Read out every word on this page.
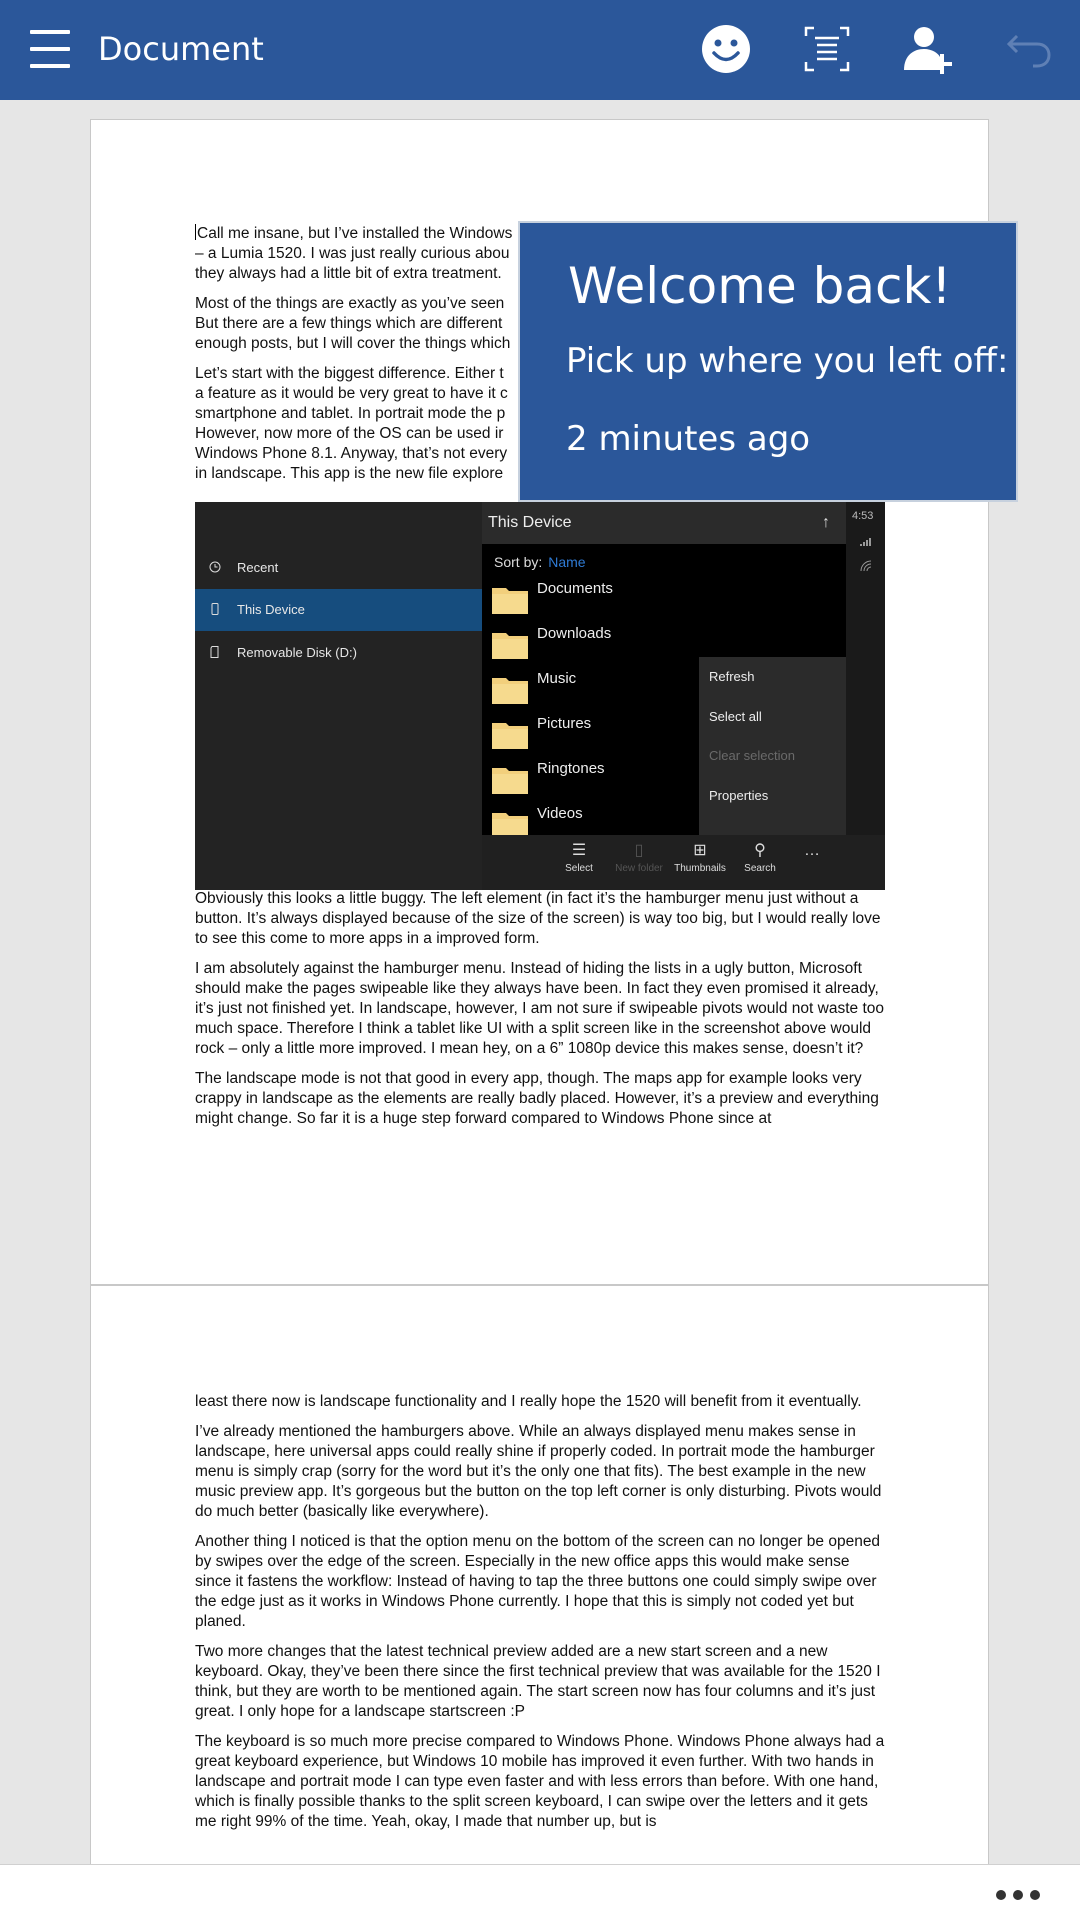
Document

Call me insane, but I’ve installed the Windows
– a Lumia 1520. I was just really curious abou
they always had a little bit of extra treatment.

Most of the things are exactly as you’ve seen
But there are a few things which are different
enough posts, but I will cover the things which

Let’s start with the biggest difference. Either t
a feature as it would be very great to have it c
smartphone and tablet. In portrait mode the p
However, now more of the OS can be used ir
Windows Phone 8.1. Anyway, that’s not every
in landscape. This app is the new file explore

Recent
This Device
Removable Disk (D:)
This Device	↑
Sort by: Name
Documents
Downloads
Music
Pictures
Ringtones
Videos
Refresh
Select all
Clear selection
Properties
4:53
☰
Select
▯
New folder
⊞
Thumbnails
⚲
Search
…

Obviously this looks a little buggy. The left element (in fact it’s the hamburger menu just without a button. It’s always displayed because of the size of the screen) is way too big, but I would really love to see this come to more apps in a improved form.

I am absolutely against the hamburger menu. Instead of hiding the lists in a ugly button, Microsoft should make the pages swipeable like they always have been. In fact they even promised it already, it’s just not finished yet. In landscape, however, I am not sure if swipeable pivots would not waste too much space. Therefore I think a tablet like UI with a split screen like in the screenshot above would rock – only a little more improved. I mean hey, on a 6” 1080p device this makes sense, doesn’t it?

The landscape mode is not that good in every app, though. The maps app for example looks very crappy in landscape as the elements are really badly placed. However, it’s a preview and everything might change. So far it is a huge step forward compared to Windows Phone since at

least there now is landscape functionality and I really hope the 1520 will benefit from it eventually.

I’ve already mentioned the hamburgers above. While an always displayed menu makes sense in landscape, here universal apps could really shine if properly coded. In portrait mode the hamburger menu is simply crap (sorry for the word but it’s the only one that fits). The best example in the new music preview app. It’s gorgeous but the button on the top left corner is only disturbing. Pivots would do much better (basically like everywhere).

Another thing I noticed is that the option menu on the bottom of the screen can no longer be opened by swipes over the edge of the screen. Especially in the new office apps this would make sense since it fastens the workflow: Instead of having to tap the three buttons one could simply swipe over the edge just as it works in Windows Phone currently. I hope that this is simply not coded yet but planed.

Two more changes that the latest technical preview added are a new start screen and a new keyboard. Okay, they’ve been there since the first technical preview that was available for the 1520 I think, but they are worth to be mentioned again. The start screen now has four columns and it’s just great. I only hope for a landscape startscreen :P

The keyboard is so much more precise compared to Windows Phone. Windows Phone always had a great keyboard experience, but Windows 10 mobile has improved it even further. With two hands in landscape and portrait mode I can type even faster and with less errors than before. With one hand, which is finally possible thanks to the split screen keyboard, I can swipe over the letters and it gets me right 99% of the time. Yeah, okay, I made that number up, but is

Welcome back!
Pick up where you left off:
2 minutes ago
